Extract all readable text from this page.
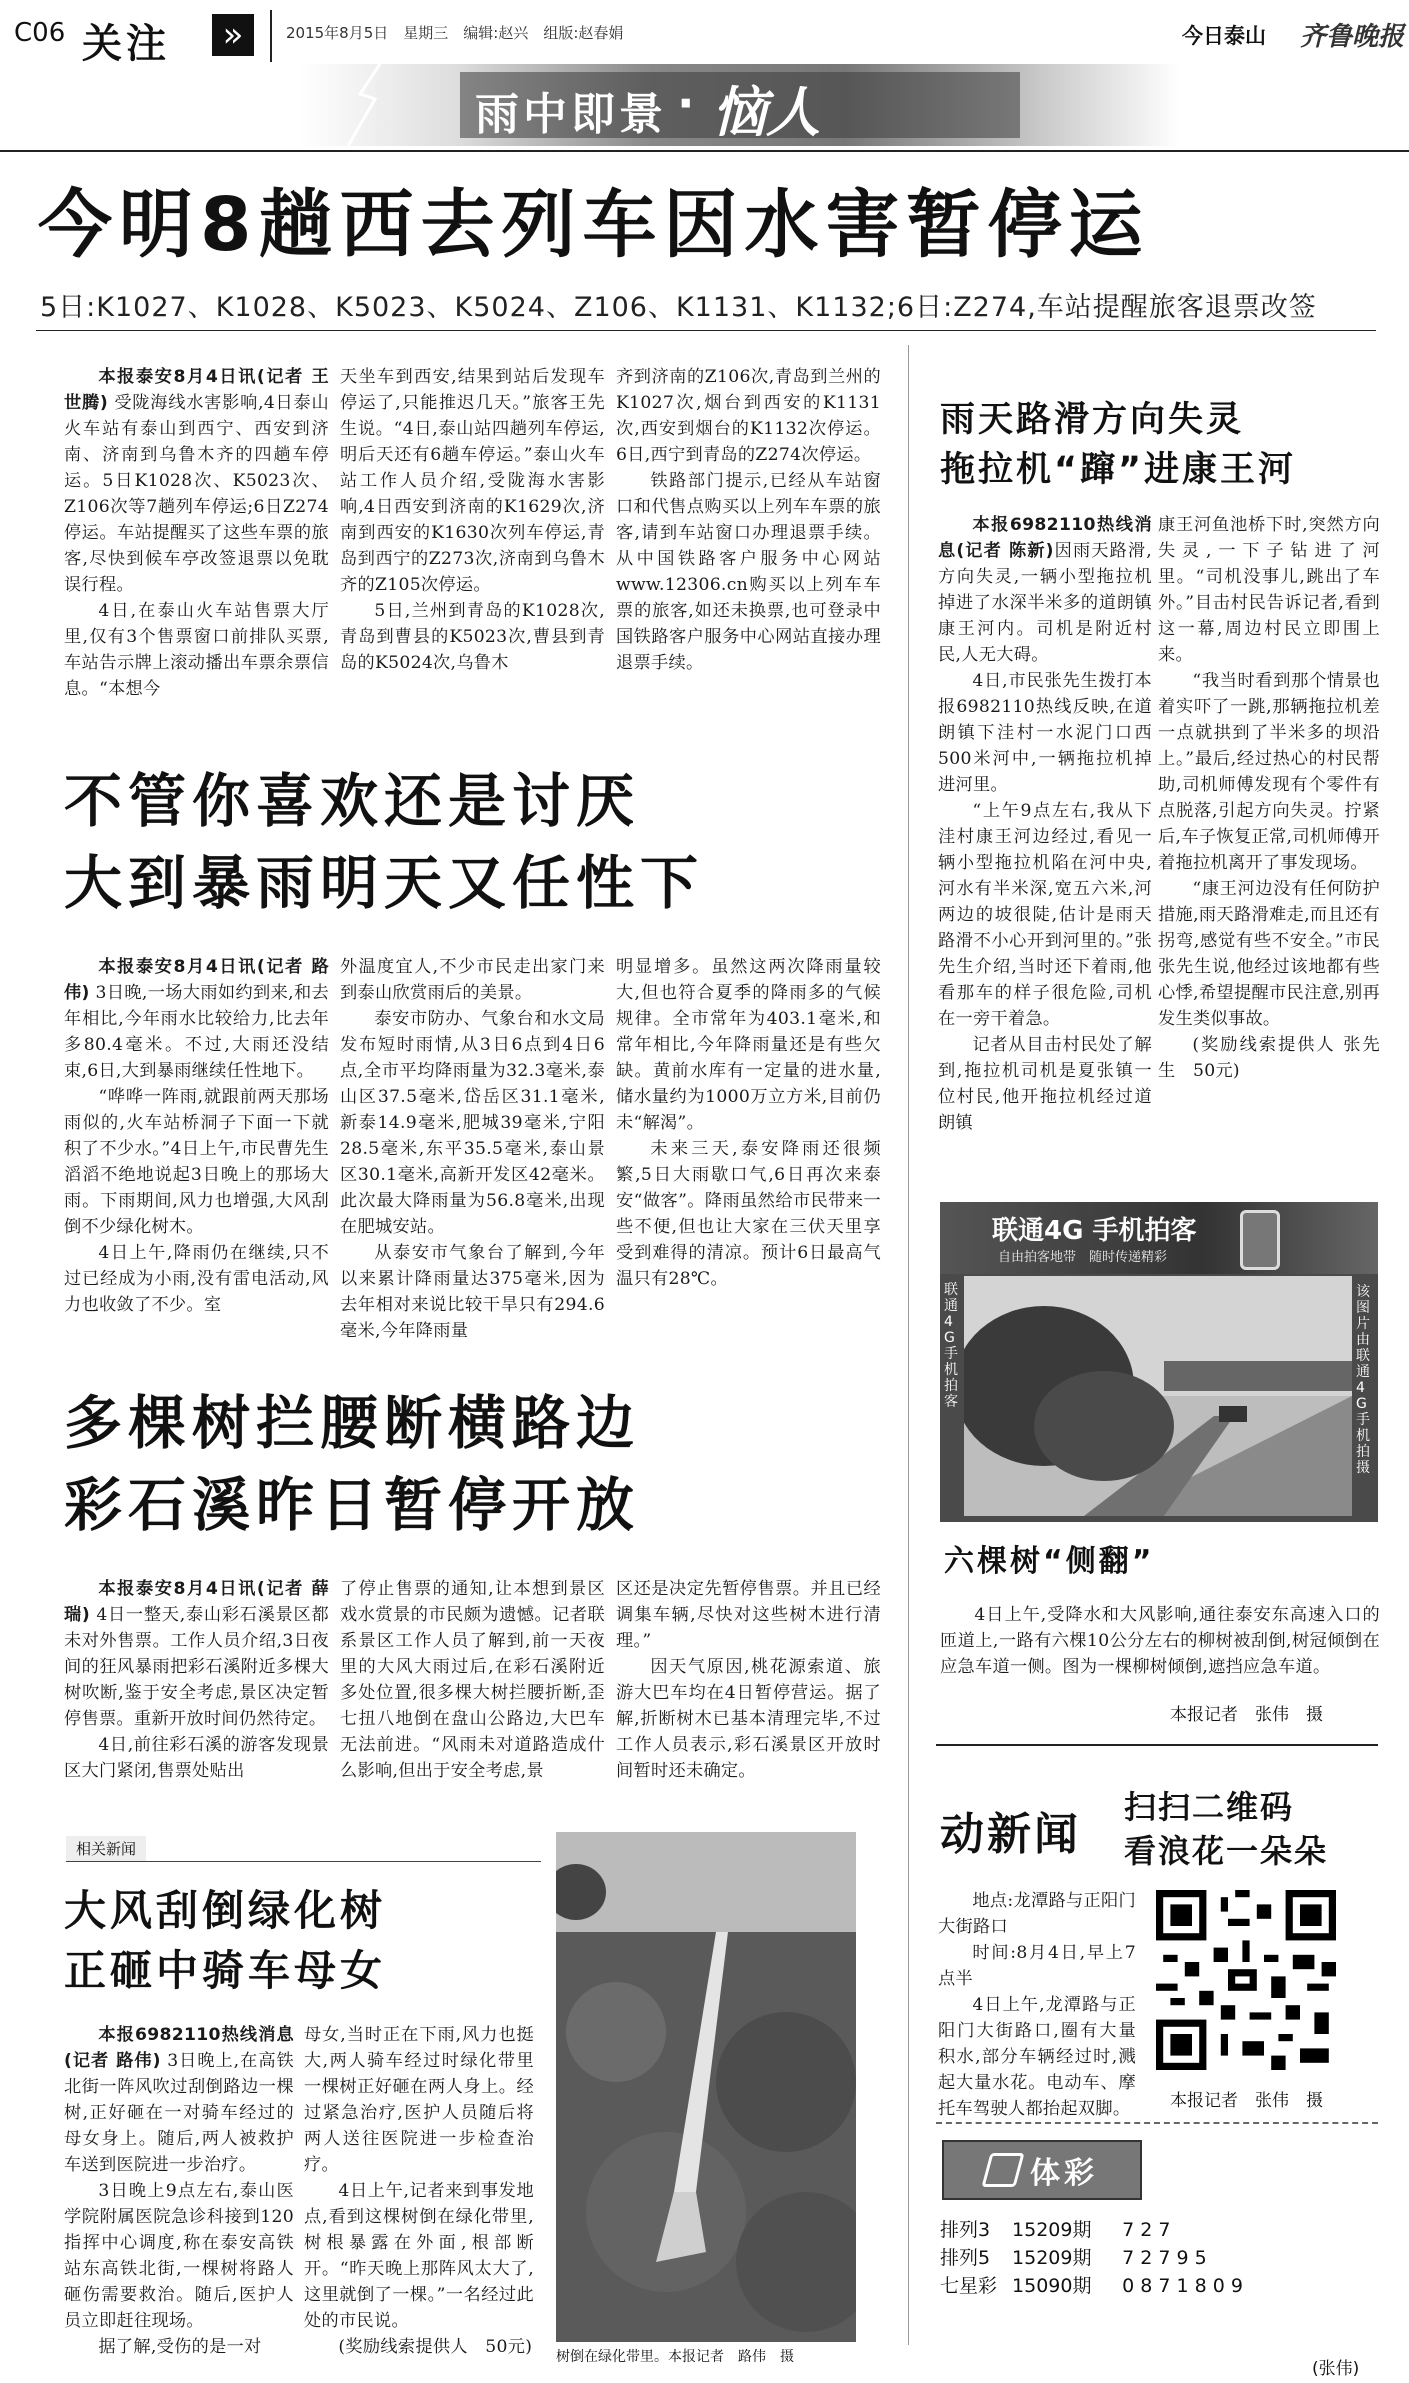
C06 关注 »	2015年8月5日　星期三　编辑:赵兴　组版:赵春娟	今日泰山 齐鲁晚报
雨中即景 · 恼人
今明8趟西去列车因水害暂停运
5日:K1027、K1028、K5023、K5024、Z106、K1131、K1132;6日:Z274,车站提醒旅客退票改签

本报泰安8月4日讯(记者 王世腾) 受陇海线水害影响,4日泰山火车站有泰山到西宁、西安到济南、济南到乌鲁木齐的四趟车停运。5日K1028次、K5023次、Z106次等7趟列车停运;6日Z274停运。车站提醒买了这些车票的旅客,尽快到候车亭改签退票以免耽误行程。

4日,在泰山火车站售票大厅里,仅有3个售票窗口前排队买票,车站告示牌上滚动播出车票余票信息。“本想今

天坐车到西安,结果到站后发现车停运了,只能推迟几天。”旅客王先生说。“4日,泰山站四趟列车停运,明后天还有6趟车停运。”泰山火车站工作人员介绍,受陇海水害影响,4日西安到济南的K1629次,济南到西安的K1630次列车停运,青岛到西宁的Z273次,济南到乌鲁木齐的Z105次停运。

5日,兰州到青岛的K1028次,青岛到曹县的K5023次,曹县到青岛的K5024次,乌鲁木

齐到济南的Z106次,青岛到兰州的K1027次,烟台到西安的K1131次,西安到烟台的K1132次停运。6日,西宁到青岛的Z274次停运。

铁路部门提示,已经从车站窗口和代售点购买以上列车车票的旅客,请到车站窗口办理退票手续。从中国铁路客户服务中心网站www.12306.cn购买以上列车车票的旅客,如还未换票,也可登录中国铁路客户服务中心网站直接办理退票手续。

雨天路滑方向失灵
拖拉机“蹿”进康王河

本报6982110热线消息(记者 陈新)因雨天路滑,方向失灵,一辆小型拖拉机掉进了水深半米多的道朗镇康王河内。司机是附近村民,人无大碍。

4日,市民张先生拨打本报6982110热线反映,在道朗镇下洼村一水泥门口西500米河中,一辆拖拉机掉进河里。

“上午9点左右,我从下洼村康王河边经过,看见一辆小型拖拉机陷在河中央,河水有半米深,宽五六米,河两边的坡很陡,估计是雨天路滑不小心开到河里的。”张先生介绍,当时还下着雨,他看那车的样子很危险,司机在一旁干着急。

记者从目击村民处了解到,拖拉机司机是夏张镇一位村民,他开拖拉机经过道朗镇

康王河鱼池桥下时,突然方向失灵,一下子钻进了河里。“司机没事儿,跳出了车外。”目击村民告诉记者,看到这一幕,周边村民立即围上来。

“我当时看到那个情景也着实吓了一跳,那辆拖拉机差一点就拱到了半米多的坝沿上。”最后,经过热心的村民帮助,司机师傅发现有个零件有点脱落,引起方向失灵。拧紧后,车子恢复正常,司机师傅开着拖拉机离开了事发现场。

“康王河边没有任何防护措施,雨天路滑难走,而且还有拐弯,感觉有些不安全。”市民张先生说,他经过该地都有些心悸,希望提醒市民注意,别再发生类似事故。

(奖励线索提供人 张先生　50元)

不管你喜欢还是讨厌
大到暴雨明天又任性下

本报泰安8月4日讯(记者 路伟) 3日晚,一场大雨如约到来,和去年相比,今年雨水比较给力,比去年多80.4毫米。不过,大雨还没结束,6日,大到暴雨继续任性地下。

“哗哗一阵雨,就跟前两天那场雨似的,火车站桥洞子下面一下就积了不少水。”4日上午,市民曹先生滔滔不绝地说起3日晚上的那场大雨。下雨期间,风力也增强,大风刮倒不少绿化树木。

4日上午,降雨仍在继续,只不过已经成为小雨,没有雷电活动,风力也收敛了不少。室

外温度宜人,不少市民走出家门来到泰山欣赏雨后的美景。

泰安市防办、气象台和水文局发布短时雨情,从3日6点到4日6点,全市平均降雨量为32.3毫米,泰山区37.5毫米,岱岳区31.1毫米,新泰14.9毫米,肥城39毫米,宁阳28.5毫米,东平35.5毫米,泰山景区30.1毫米,高新开发区42毫米。此次最大降雨量为56.8毫米,出现在肥城安站。

从泰安市气象台了解到,今年以来累计降雨量达375毫米,因为去年相对来说比较干旱只有294.6毫米,今年降雨量

明显增多。虽然这两次降雨量较大,但也符合夏季的降雨多的气候规律。全市常年为403.1毫米,和常年相比,今年降雨量还是有些欠缺。黄前水库有一定量的进水量,储水量约为1000万立方米,目前仍未“解渴”。

未来三天,泰安降雨还很频繁,5日大雨歇口气,6日再次来泰安“做客”。降雨虽然给市民带来一些不便,但也让大家在三伏天里享受到难得的清凉。预计6日最高气温只有28℃。

联通4G 手机拍客
自由拍客地带　随时传递精彩
联通4G手机拍客
该图片由联通4G手机拍摄
六棵树“侧翻”

4日上午,受降水和大风影响,通往泰安东高速入口的匝道上,一路有六棵10公分左右的柳树被刮倒,树冠倾倒在应急车道一侧。图为一棵柳树倾倒,遮挡应急车道。

本报记者　张伟　摄
多棵树拦腰断横路边
彩石溪昨日暂停开放

本报泰安8月4日讯(记者 薛瑞) 4日一整天,泰山彩石溪景区都未对外售票。工作人员介绍,3日夜间的狂风暴雨把彩石溪附近多棵大树吹断,鉴于安全考虑,景区决定暂停售票。重新开放时间仍然待定。

4日,前往彩石溪的游客发现景区大门紧闭,售票处贴出

了停止售票的通知,让本想到景区戏水赏景的市民颇为遗憾。记者联系景区工作人员了解到,前一天夜里的大风大雨过后,在彩石溪附近多处位置,很多棵大树拦腰折断,歪七扭八地倒在盘山公路边,大巴车无法前进。“风雨未对道路造成什么影响,但出于安全考虑,景

区还是决定先暂停售票。并且已经调集车辆,尽快对这些树木进行清理。”

因天气原因,桃花源索道、旅游大巴车均在4日暂停营运。据了解,折断树木已基本清理完毕,不过工作人员表示,彩石溪景区开放时间暂时还未确定。

相关新闻
大风刮倒绿化树
正砸中骑车母女

本报6982110热线消息(记者 路伟) 3日晚上,在高铁北街一阵风吹过刮倒路边一棵树,正好砸在一对骑车经过的母女身上。随后,两人被救护车送到医院进一步治疗。

3日晚上9点左右,泰山医学院附属医院急诊科接到120指挥中心调度,称在泰安高铁站东高铁北街,一棵树将路人砸伤需要救治。随后,医护人员立即赶往现场。

据了解,受伤的是一对

母女,当时正在下雨,风力也挺大,两人骑车经过时绿化带里一棵树正好砸在两人身上。经过紧急治疗,医护人员随后将两人送往医院进一步检查治疗。

4日上午,记者来到事发地点,看到这棵树倒在绿化带里,树根暴露在外面,根部断开。“昨天晚上那阵风太大了,这里就倒了一棵。”一名经过此处的市民说。

(奖励线索提供人　50元) 树倒在绿化带里。本报记者　路伟　摄
动新闻
扫扫二维码
看浪花一朵朵

地点:龙潭路与正阳门大街路口

时间:8月4日,早上7点半

4日上午,龙潭路与正阳门大街路口,圈有大量积水,部分车辆经过时,溅起大量水花。电动车、摩托车驾驶人都抬起双脚。	本报记者　张伟　摄
体彩
排列3 15209期 7 2 7
排列5 15209期 7 2 7 9 5
七星彩 15090期 0 8 7 1 8 0 9
(张伟)
